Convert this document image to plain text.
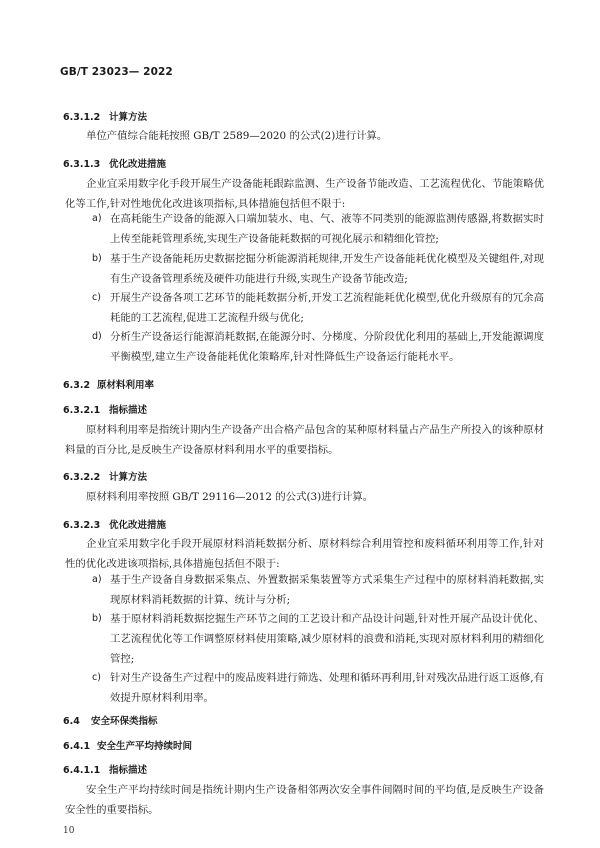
GB/T 23023— 2022
6.3.1.2 计算方法
单位产值综合能耗按照 GB/T 2589—2020 的公式(2)进行计算。
6.3.1.3 优化改进措施
企业宜采用数字化手段开展生产设备能耗跟踪监测、生产设备节能改造、工艺流程优化、节能策略优化等工作,针对性地优化改进该项指标,具体措施包括但不限于:
a) 在高耗能生产设备的能源入口端加装水、电、气、液等不同类别的能源监测传感器,将数据实时上传至能耗管理系统,实现生产设备能耗数据的可视化展示和精细化管控;
b) 基于生产设备能耗历史数据挖掘分析能源消耗规律,开发生产设备能耗优化模型及关键组件,对现有生产设备管理系统及硬件功能进行升级,实现生产设备节能改造;
c) 开展生产设备各项工艺环节的能耗数据分析,开发工艺流程能耗优化模型,优化升级原有的冗余高耗能的工艺流程,促进工艺流程升级与优化;
d) 分析生产设备运行能源消耗数据,在能源分时、分梯度、分阶段优化利用的基础上,开发能源调度平衡模型,建立生产设备能耗优化策略库,针对性降低生产设备运行能耗水平。
6.3.2 原材料利用率
6.3.2.1 指标描述
原材料利用率是指统计期内生产设备产出合格产品包含的某种原材料量占产品生产所投入的该种原材料量的百分比,是反映生产设备原材料利用水平的重要指标。
6.3.2.2 计算方法
原材料利用率按照 GB/T 29116—2012 的公式(3)进行计算。
6.3.2.3 优化改进措施
企业宜采用数字化手段开展原材料消耗数据分析、原材料综合利用管控和废料循环利用等工作,针对性的优化改进该项指标,具体措施包括但不限于:
a) 基于生产设备自身数据采集点、外置数据采集装置等方式采集生产过程中的原材料消耗数据,实现原材料消耗数据的计算、统计与分析;
b) 基于原材料消耗数据挖掘生产环节之间的工艺设计和产品设计问题,针对性开展产品设计优化、工艺流程优化等工作调整原材料使用策略,减少原材料的浪费和消耗,实现对原材料利用的精细化管控;
c) 针对生产设备生产过程中的废品废料进行筛选、处理和循环再利用,针对残次品进行返工返修,有效提升原材料利用率。
6.4 安全环保类指标
6.4.1 安全生产平均持续时间
6.4.1.1 指标描述
安全生产平均持续时间是指统计期内生产设备相邻两次安全事件间隔时间的平均值,是反映生产设备安全性的重要指标。
10
